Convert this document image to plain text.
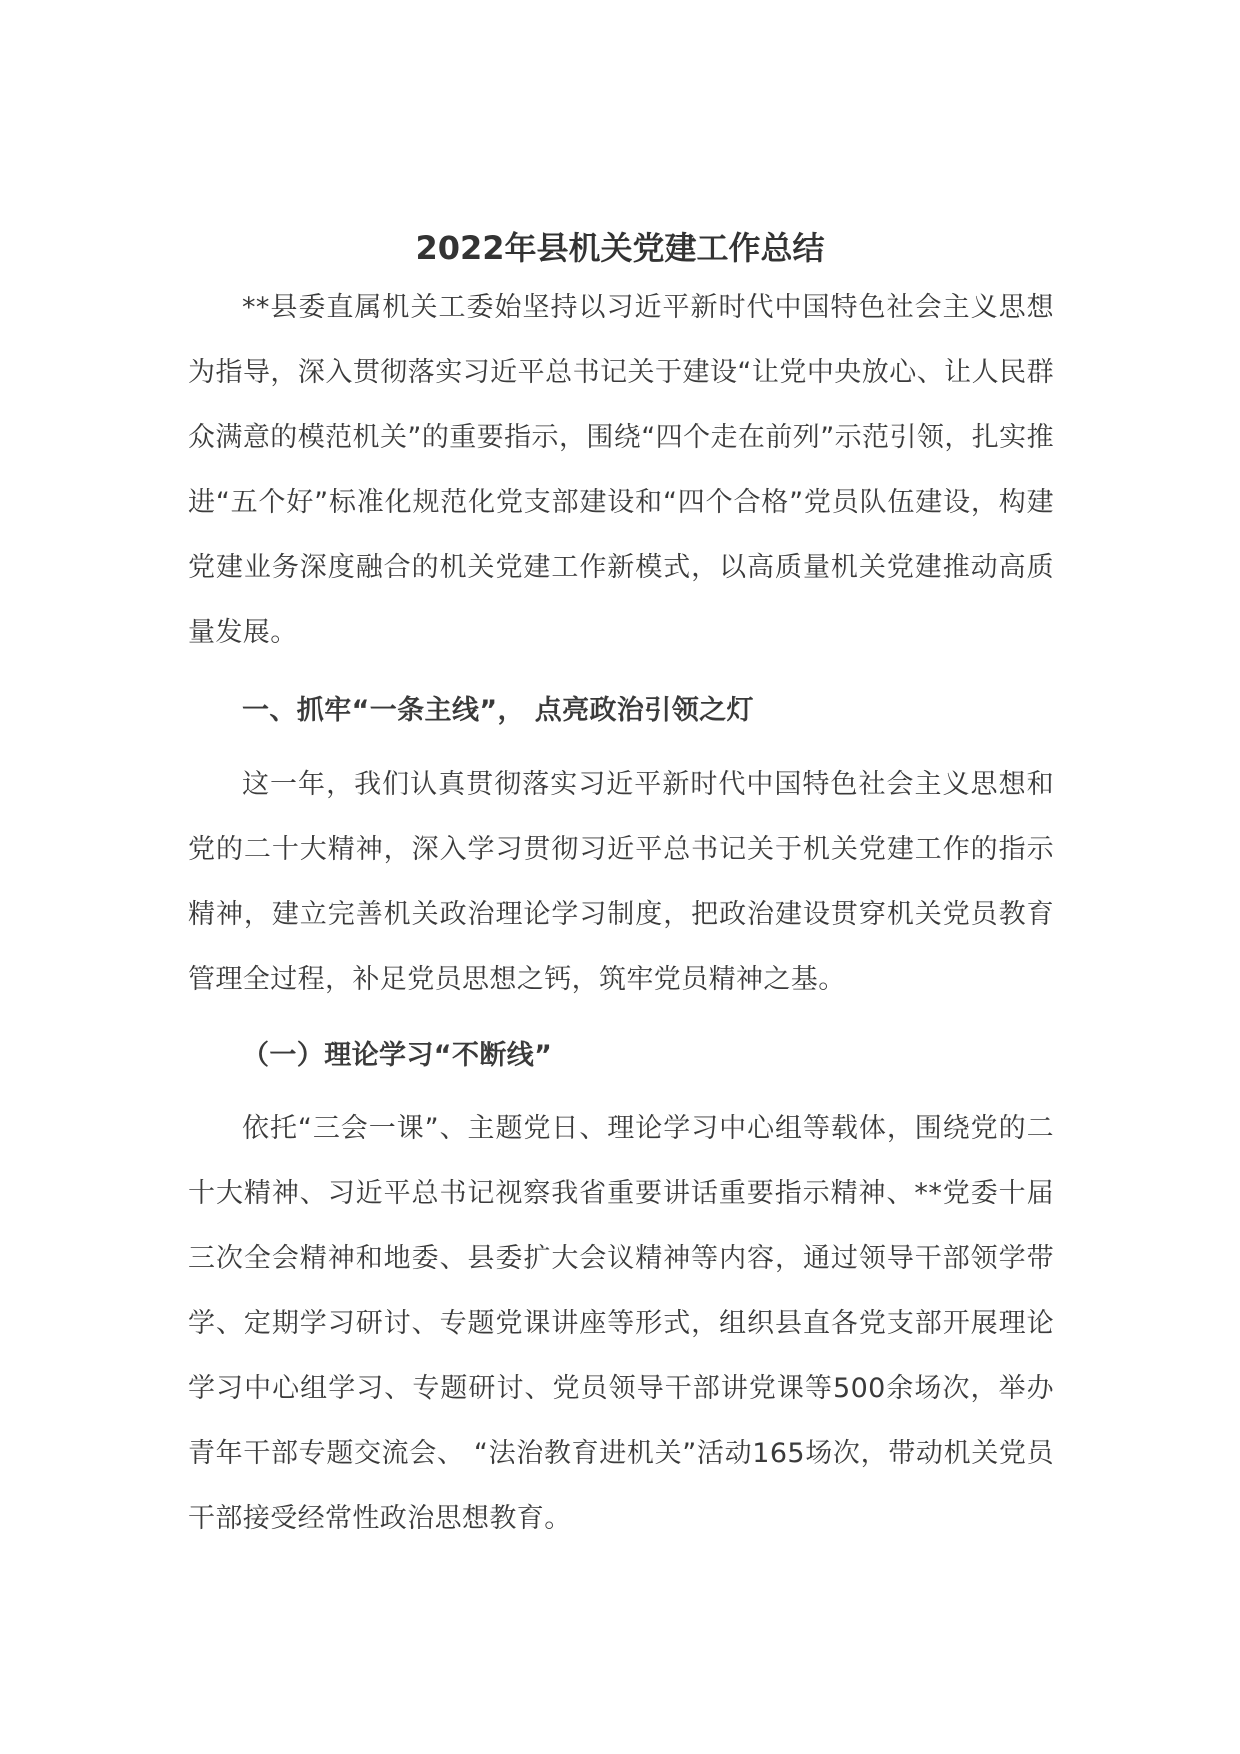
2022年县机关党建工作总结

**县委直属机关工委始坚持以习近平新时代中国特色社会主义思想为指导，深入贯彻落实习近平总书记关于建设“让党中央放心、让人民群众满意的模范机关”的重要指示，围绕“四个走在前列”示范引领，扎实推进“五个好”标准化规范化党支部建设和“四个合格”党员队伍建设，构建党建业务深度融合的机关党建工作新模式，以高质量机关党建推动高质量发展。

一、抓牢“一条主线”， 点亮政治引领之灯

这一年，我们认真贯彻落实习近平新时代中国特色社会主义思想和党的二十大精神，深入学习贯彻习近平总书记关于机关党建工作的指示精神，建立完善机关政治理论学习制度，把政治建设贯穿机关党员教育管理全过程，补足党员思想之钙，筑牢党员精神之基。

（一）理论学习“不断线”

依托“三会一课”、主题党日、理论学习中心组等载体，围绕党的二十大精神、习近平总书记视察我省重要讲话重要指示精神、**党委十届三次全会精神和地委、县委扩大会议精神等内容，通过领导干部领学带学、定期学习研讨、专题党课讲座等形式，组织县直各党支部开展理论学习中心组学习、专题研讨、党员领导干部讲党课等500余场次，举办青年干部专题交流会、 “法治教育进机关”活动165场次，带动机关党员干部接受经常性政治思想教育。
